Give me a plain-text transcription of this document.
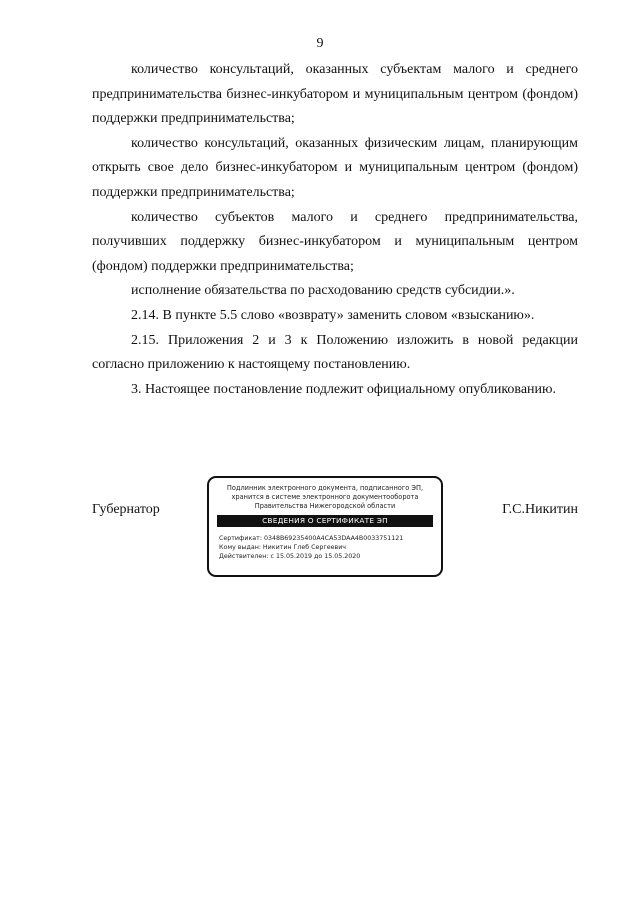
9

количество консультаций, оказанных субъектам малого и среднего предпринимательства бизнес-инкубатором и муниципальным центром (фондом) поддержки предпринимательства;

количество консультаций, оказанных физическим лицам, планирующим открыть свое дело бизнес-инкубатором и муниципальным центром (фондом) поддержки предпринимательства;

количество субъектов малого и среднего предпринимательства, получивших поддержку бизнес-инкубатором и муниципальным центром (фондом) поддержки предпринимательства;

исполнение обязательства по расходованию средств субсидии.».

2.14. В пункте 5.5 слово «возврату» заменить словом «взысканию».

2.15. Приложения 2 и 3 к Положению изложить в новой редакции согласно приложению к настоящему постановлению.

3. Настоящее постановление подлежит официальному опубликованию.

Губернатор
Подлинник электронного документа, подписанного ЭП,
хранится в системе электронного документооборота
Правительства Нижегородской области
СВЕДЕНИЯ О СЕРТИФИКАТЕ ЭП
Сертификат: 0348B69235400A4CA53DAA4B0033751121
Кому выдан: Никитин Глеб Сергеевич
Действителен: с 15.05.2019 до 15.05.2020
Г.С.Никитин
